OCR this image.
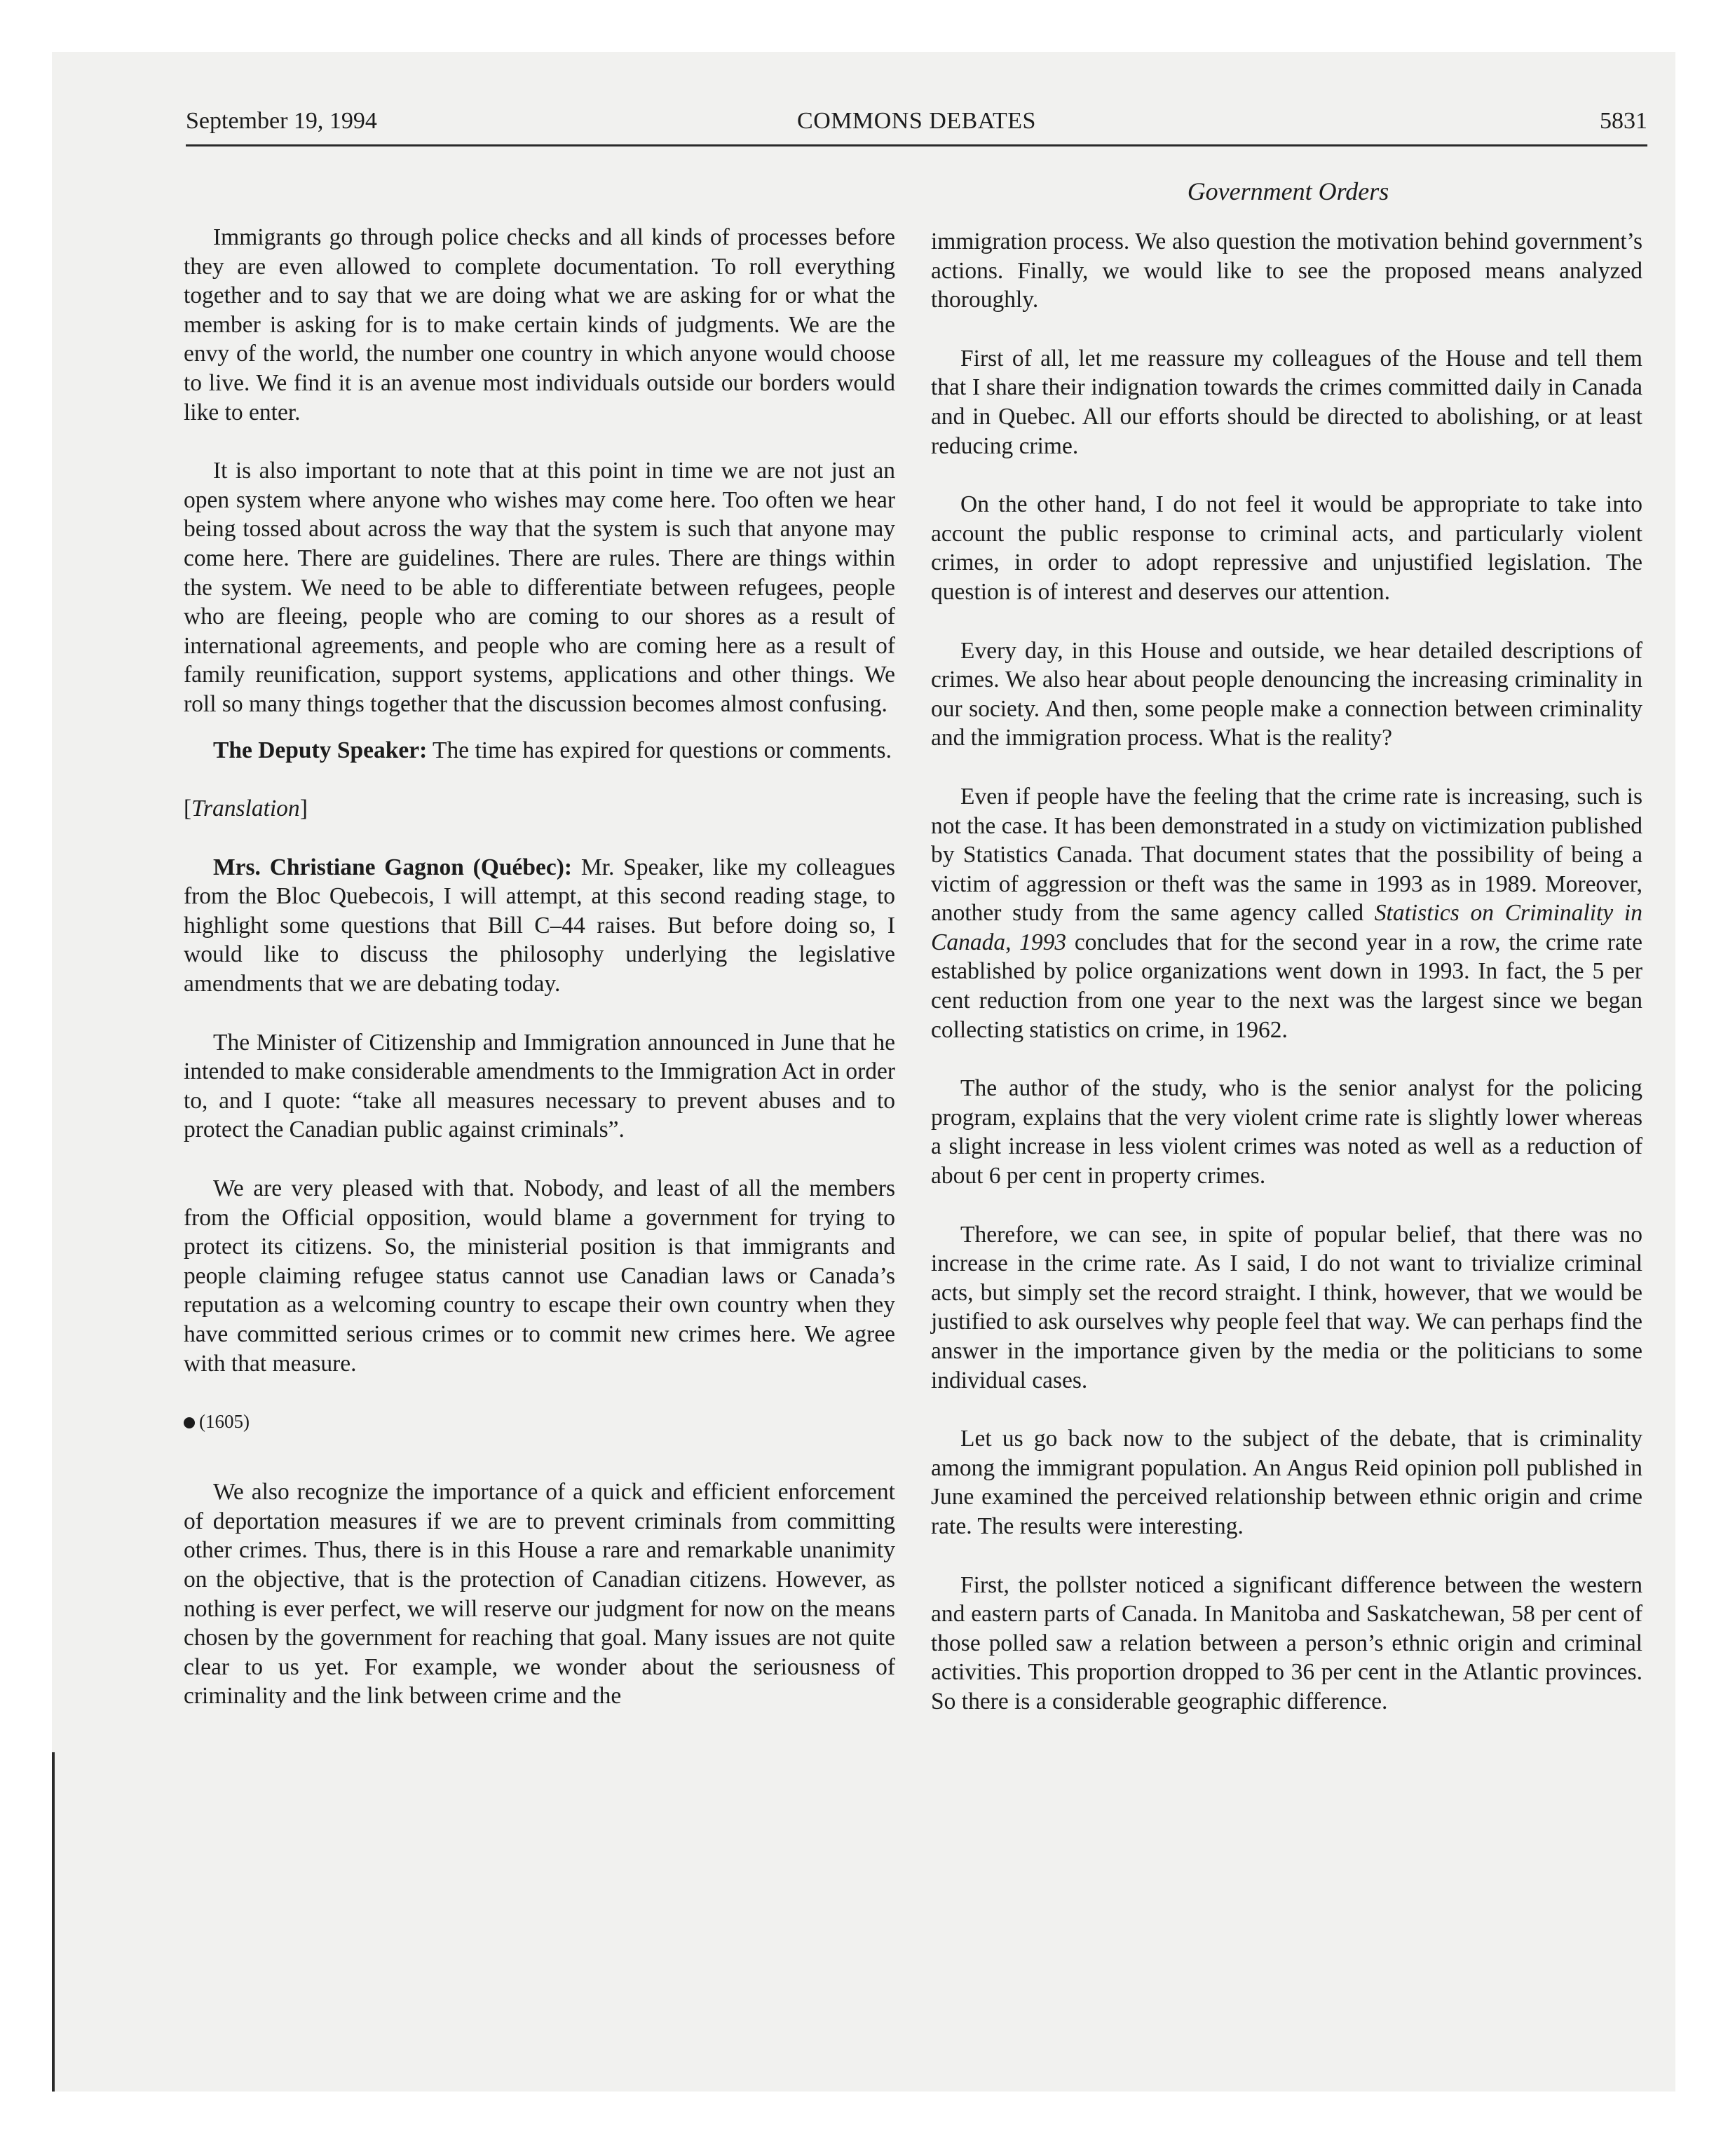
September 19, 1994	COMMONS DEBATES	5831
Government Orders

Immigrants go through police checks and all kinds of processes before they are even allowed to complete documentation. To roll everything together and to say that we are doing what we are asking for or what the member is asking for is to make certain kinds of judgments. We are the envy of the world, the number one country in which anyone would choose to live. We find it is an avenue most individuals outside our borders would like to enter.

It is also important to note that at this point in time we are not just an open system where anyone who wishes may come here. Too often we hear being tossed about across the way that the system is such that anyone may come here. There are guidelines. There are rules. There are things within the system. We need to be able to differentiate between refugees, people who are fleeing, people who are coming to our shores as a result of international agreements, and people who are coming here as a result of family reunification, support systems, applications and other things. We roll so many things together that the discussion becomes almost confusing.

The Deputy Speaker: The time has expired for questions or comments.

[Translation]

Mrs. Christiane Gagnon (Québec): Mr. Speaker, like my colleagues from the Bloc Quebecois, I will attempt, at this second reading stage, to highlight some questions that Bill C–44 raises. But before doing so, I would like to discuss the philosophy underlying the legislative amendments that we are debating today.

The Minister of Citizenship and Immigration announced in June that he intended to make considerable amendments to the Immigration Act in order to, and I quote: “take all measures necessary to prevent abuses and to protect the Canadian public against criminals”.

We are very pleased with that. Nobody, and least of all the members from the Official opposition, would blame a government for trying to protect its citizens. So, the ministerial position is that immigrants and people claiming refugee status cannot use Canadian laws or Canada’s reputation as a welcoming country to escape their own country when they have committed serious crimes or to commit new crimes here. We agree with that measure.

(1605)

We also recognize the importance of a quick and efficient enforcement of deportation measures if we are to prevent criminals from committing other crimes. Thus, there is in this House a rare and remarkable unanimity on the objective, that is the protection of Canadian citizens. However, as nothing is ever perfect, we will reserve our judgment for now on the means chosen by the government for reaching that goal. Many issues are not quite clear to us yet. For example, we wonder about the seriousness of criminality and the link between crime and the

immigration process. We also question the motivation behind government’s actions. Finally, we would like to see the proposed means analyzed thoroughly.

First of all, let me reassure my colleagues of the House and tell them that I share their indignation towards the crimes committed daily in Canada and in Quebec. All our efforts should be directed to abolishing, or at least reducing crime.

On the other hand, I do not feel it would be appropriate to take into account the public response to criminal acts, and particularly violent crimes, in order to adopt repressive and unjustified legislation. The question is of interest and deserves our attention.

Every day, in this House and outside, we hear detailed descriptions of crimes. We also hear about people denouncing the increasing criminality in our society. And then, some people make a connection between criminality and the immigration process. What is the reality?

Even if people have the feeling that the crime rate is increasing, such is not the case. It has been demonstrated in a study on victimization published by Statistics Canada. That document states that the possibility of being a victim of aggression or theft was the same in 1993 as in 1989. Moreover, another study from the same agency called Statistics on Criminality in Canada, 1993 concludes that for the second year in a row, the crime rate established by police organizations went down in 1993. In fact, the 5 per cent reduction from one year to the next was the largest since we began collecting statistics on crime, in 1962.

The author of the study, who is the senior analyst for the policing program, explains that the very violent crime rate is slightly lower whereas a slight increase in less violent crimes was noted as well as a reduction of about 6 per cent in property crimes.

Therefore, we can see, in spite of popular belief, that there was no increase in the crime rate. As I said, I do not want to trivialize criminal acts, but simply set the record straight. I think, however, that we would be justified to ask ourselves why people feel that way. We can perhaps find the answer in the importance given by the media or the politicians to some individual cases.

Let us go back now to the subject of the debate, that is criminality among the immigrant population. An Angus Reid opinion poll published in June examined the perceived relationship between ethnic origin and crime rate. The results were interesting.

First, the pollster noticed a significant difference between the western and eastern parts of Canada. In Manitoba and Saskatchewan, 58 per cent of those polled saw a relation between a person’s ethnic origin and criminal activities. This proportion dropped to 36 per cent in the Atlantic provinces. So there is a considerable geographic difference.
